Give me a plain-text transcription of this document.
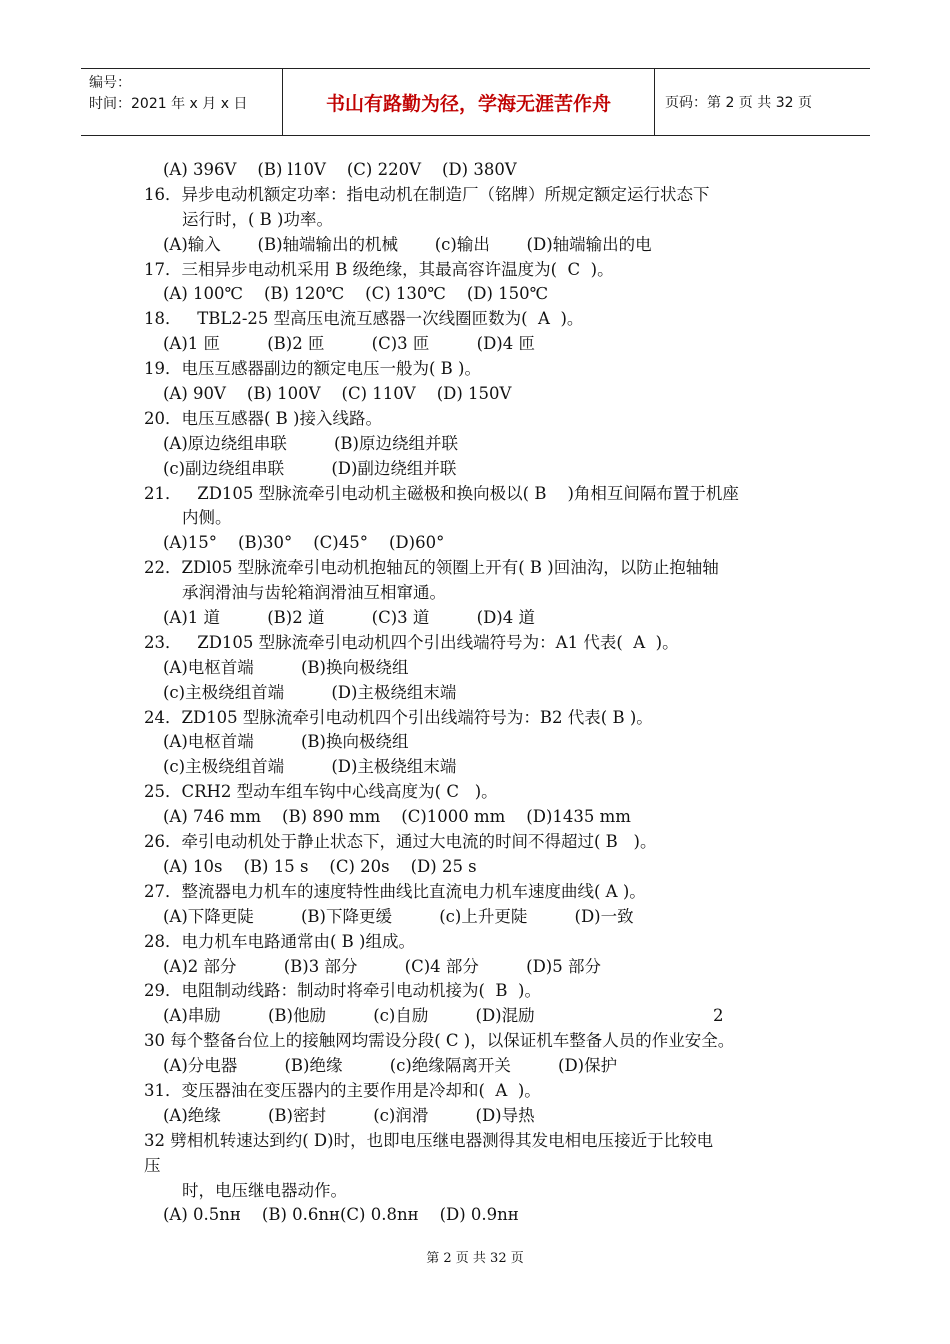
编号：
时间：2021 年 x 月 x 日	书山有路勤为径，学海无涯苦作舟	页码：第 2 页 共 32 页
(A) 396V    (B) l10V    (C) 220V    (D) 380V
16．异步电动机额定功率：指电动机在制造厂（铭牌）所规定额定运行状态下
运行时，( B )功率。
(A)输入       (B)轴端输出的机械       (c)输出       (D)轴端输出的电
17．三相异步电动机采用 B 级绝缘，其最高容许温度为(  C  )。
(A) 100℃    (B) 120℃    (C) 130℃    (D) 150℃
18．   TBL2-25 型高压电流互感器一次线圈匝数为(  A  )。
(A)1 匝         (B)2 匝         (C)3 匝         (D)4 匝
19．电压互感器副边的额定电压一般为( B )。
(A) 90V    (B) 100V    (C) 110V    (D) 150V
20．电压互感器( B )接入线路。
(A)原边绕组串联         (B)原边绕组并联
(c)副边绕组串联         (D)副边绕组并联
21．   ZD105 型脉流牵引电动机主磁极和换向极以( B    )角相互间隔布置于机座
内侧。
(A)15°    (B)30°    (C)45°    (D)60°
22．ZDl05 型脉流牵引电动机抱轴瓦的领圈上开有( B )回油沟，以防止抱轴轴
承润滑油与齿轮箱润滑油互相窜通。
(A)1 道         (B)2 道         (C)3 道         (D)4 道
23．   ZD105 型脉流牵引电动机四个引出线端符号为：A1 代表(  A  )。
(A)电枢首端         (B)换向极绕组
(c)主极绕组首端         (D)主极绕组末端
24．ZD105 型脉流牵引电动机四个引出线端符号为：B2 代表( B )。
(A)电枢首端         (B)换向极绕组
(c)主极绕组首端         (D)主极绕组末端
25．CRH2 型动车组车钩中心线高度为( C   )。
(A) 746 mm    (B) 890 mm    (C)1000 mm    (D)1435 mm
26．牵引电动机处于静止状态下，通过大电流的时间不得超过( B   )。
(A) 10s    (B) 15 s    (C) 20s    (D) 25 s
27．整流器电力机车的速度特性曲线比直流电力机车速度曲线( A )。
(A)下降更陡         (B)下降更缓         (c)上升更陡         (D)一致
28．电力机车电路通常由( B )组成。
(A)2 部分         (B)3 部分         (C)4 部分         (D)5 部分
29．电阻制动线路：制动时将牵引电动机接为(  B  )。
(A)串励         (B)他励         (c)自励         (D)混励                                  2
30 每个整备台位上的接触网均需设分段( C )，以保证机车整备人员的作业安全。
(A)分电器         (B)绝缘         (c)绝缘隔离开关         (D)保护
31．变压器油在变压器内的主要作用是冷却和(  A  )。
(A)绝缘         (B)密封         (c)润滑         (D)导热
32 劈相机转速达到约( D)时，也即电压继电器测得其发电相电压接近于比较电
压
时，电压继电器动作。
(A) 0.5nн    (B) 0.6nн(C) 0.8nн    (D) 0.9nн
第 2 页 共 32 页
